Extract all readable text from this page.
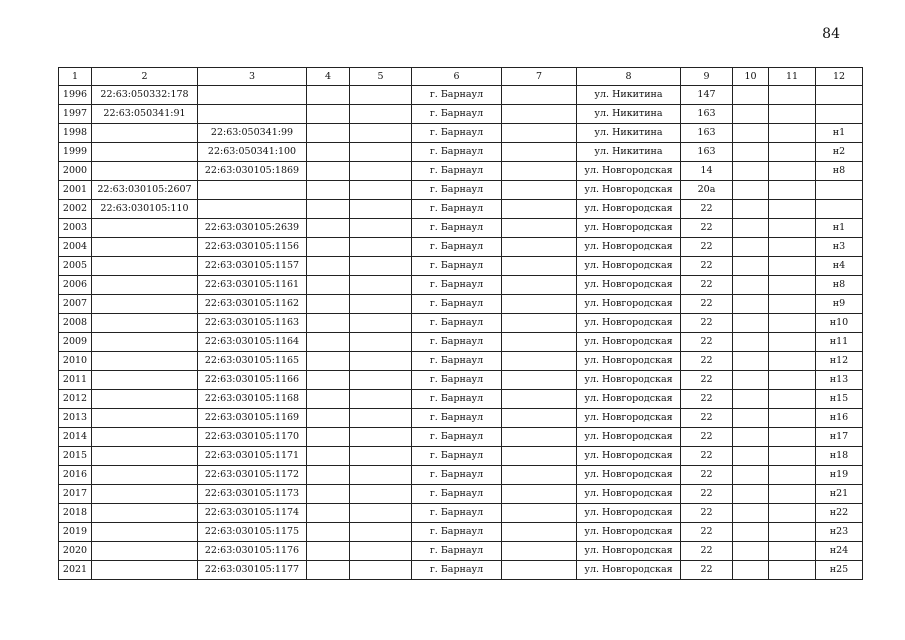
84
1	2	3	4	5	6	7	8	9	10	11	12
1996	22:63:050332:178				г. Барнаул		ул. Никитина	147			
1997	22:63:050341:91				г. Барнаул		ул. Никитина	163			
1998		22:63:050341:99			г. Барнаул		ул. Никитина	163			н1
1999		22:63:050341:100			г. Барнаул		ул. Никитина	163			н2
2000		22:63:030105:1869			г. Барнаул		ул. Новгородская	14			н8
2001	22:63:030105:2607				г. Барнаул		ул. Новгородская	20а			
2002	22:63:030105:110				г. Барнаул		ул. Новгородская	22			
2003		22:63:030105:2639			г. Барнаул		ул. Новгородская	22			н1
2004		22:63:030105:1156			г. Барнаул		ул. Новгородская	22			н3
2005		22:63:030105:1157			г. Барнаул		ул. Новгородская	22			н4
2006		22:63:030105:1161			г. Барнаул		ул. Новгородская	22			н8
2007		22:63:030105:1162			г. Барнаул		ул. Новгородская	22			н9
2008		22:63:030105:1163			г. Барнаул		ул. Новгородская	22			н10
2009		22:63:030105:1164			г. Барнаул		ул. Новгородская	22			н11
2010		22:63:030105:1165			г. Барнаул		ул. Новгородская	22			н12
2011		22:63:030105:1166			г. Барнаул		ул. Новгородская	22			н13
2012		22:63:030105:1168			г. Барнаул		ул. Новгородская	22			н15
2013		22:63:030105:1169			г. Барнаул		ул. Новгородская	22			н16
2014		22:63:030105:1170			г. Барнаул		ул. Новгородская	22			н17
2015		22:63:030105:1171			г. Барнаул		ул. Новгородская	22			н18
2016		22:63:030105:1172			г. Барнаул		ул. Новгородская	22			н19
2017		22:63:030105:1173			г. Барнаул		ул. Новгородская	22			н21
2018		22:63:030105:1174			г. Барнаул		ул. Новгородская	22			н22
2019		22:63:030105:1175			г. Барнаул		ул. Новгородская	22			н23
2020		22:63:030105:1176			г. Барнаул		ул. Новгородская	22			н24
2021		22:63:030105:1177			г. Барнаул		ул. Новгородская	22			н25
